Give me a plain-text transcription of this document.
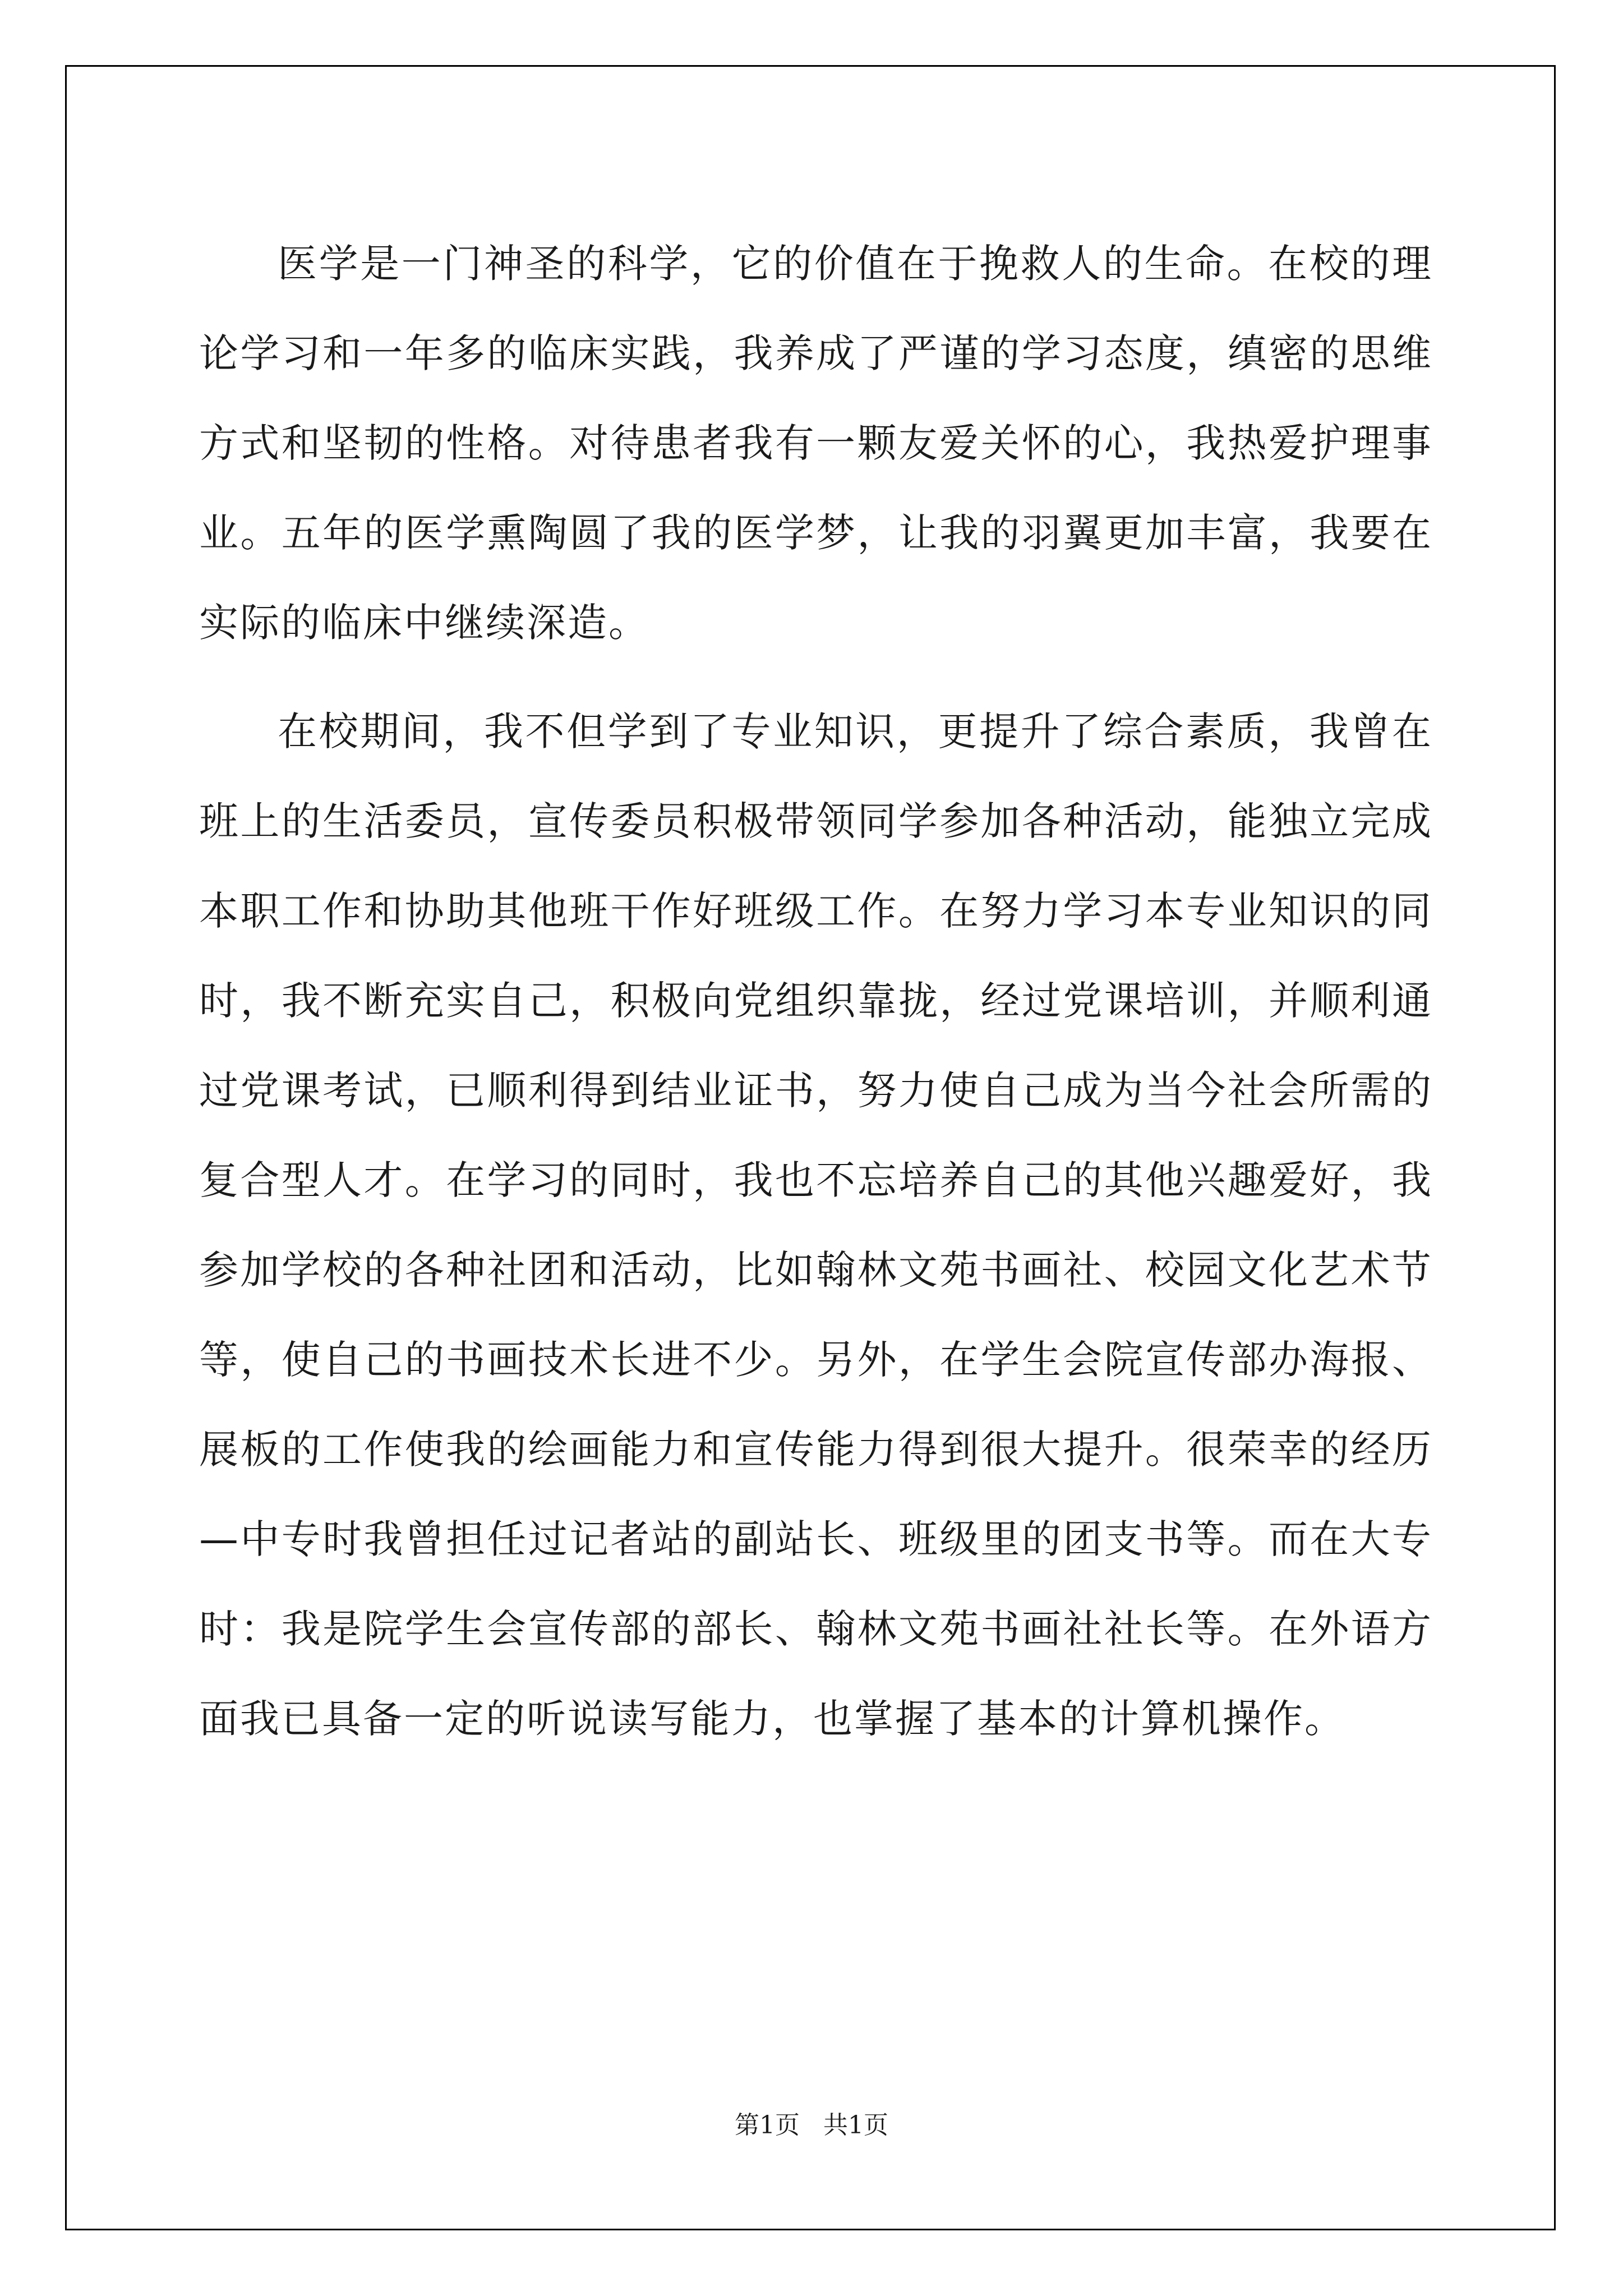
医学是一门神圣的科学，它的价值在于挽救人的生命。在校的理论学习和一年多的临床实践，我养成了严谨的学习态度，缜密的思维方式和坚韧的性格。对待患者我有一颗友爱关怀的心，我热爱护理事业。五年的医学熏陶圆了我的医学梦，让我的羽翼更加丰富，我要在实际的临床中继续深造。

在校期间，我不但学到了专业知识，更提升了综合素质，我曾在班上的生活委员，宣传委员积极带领同学参加各种活动，能独立完成本职工作和协助其他班干作好班级工作。在努力学习本专业知识的同时，我不断充实自己，积极向党组织靠拢，经过党课培训，并顺利通过党课考试，已顺利得到结业证书，努力使自己成为当今社会所需的复合型人才。在学习的同时，我也不忘培养自己的其他兴趣爱好，我参加学校的各种社团和活动，比如翰林文苑书画社、校园文化艺术节等，使自己的书画技术长进不少。另外，在学生会院宣传部办海报、展板的工作使我的绘画能力和宣传能力得到很大提升。很荣幸的经历—中专时我曾担任过记者站的副站长、班级里的团支书等。而在大专时：我是院学生会宣传部的部长、翰林文苑书画社社长等。在外语方面我已具备一定的听说读写能力，也掌握了基本的计算机操作。

第1页   共1页
